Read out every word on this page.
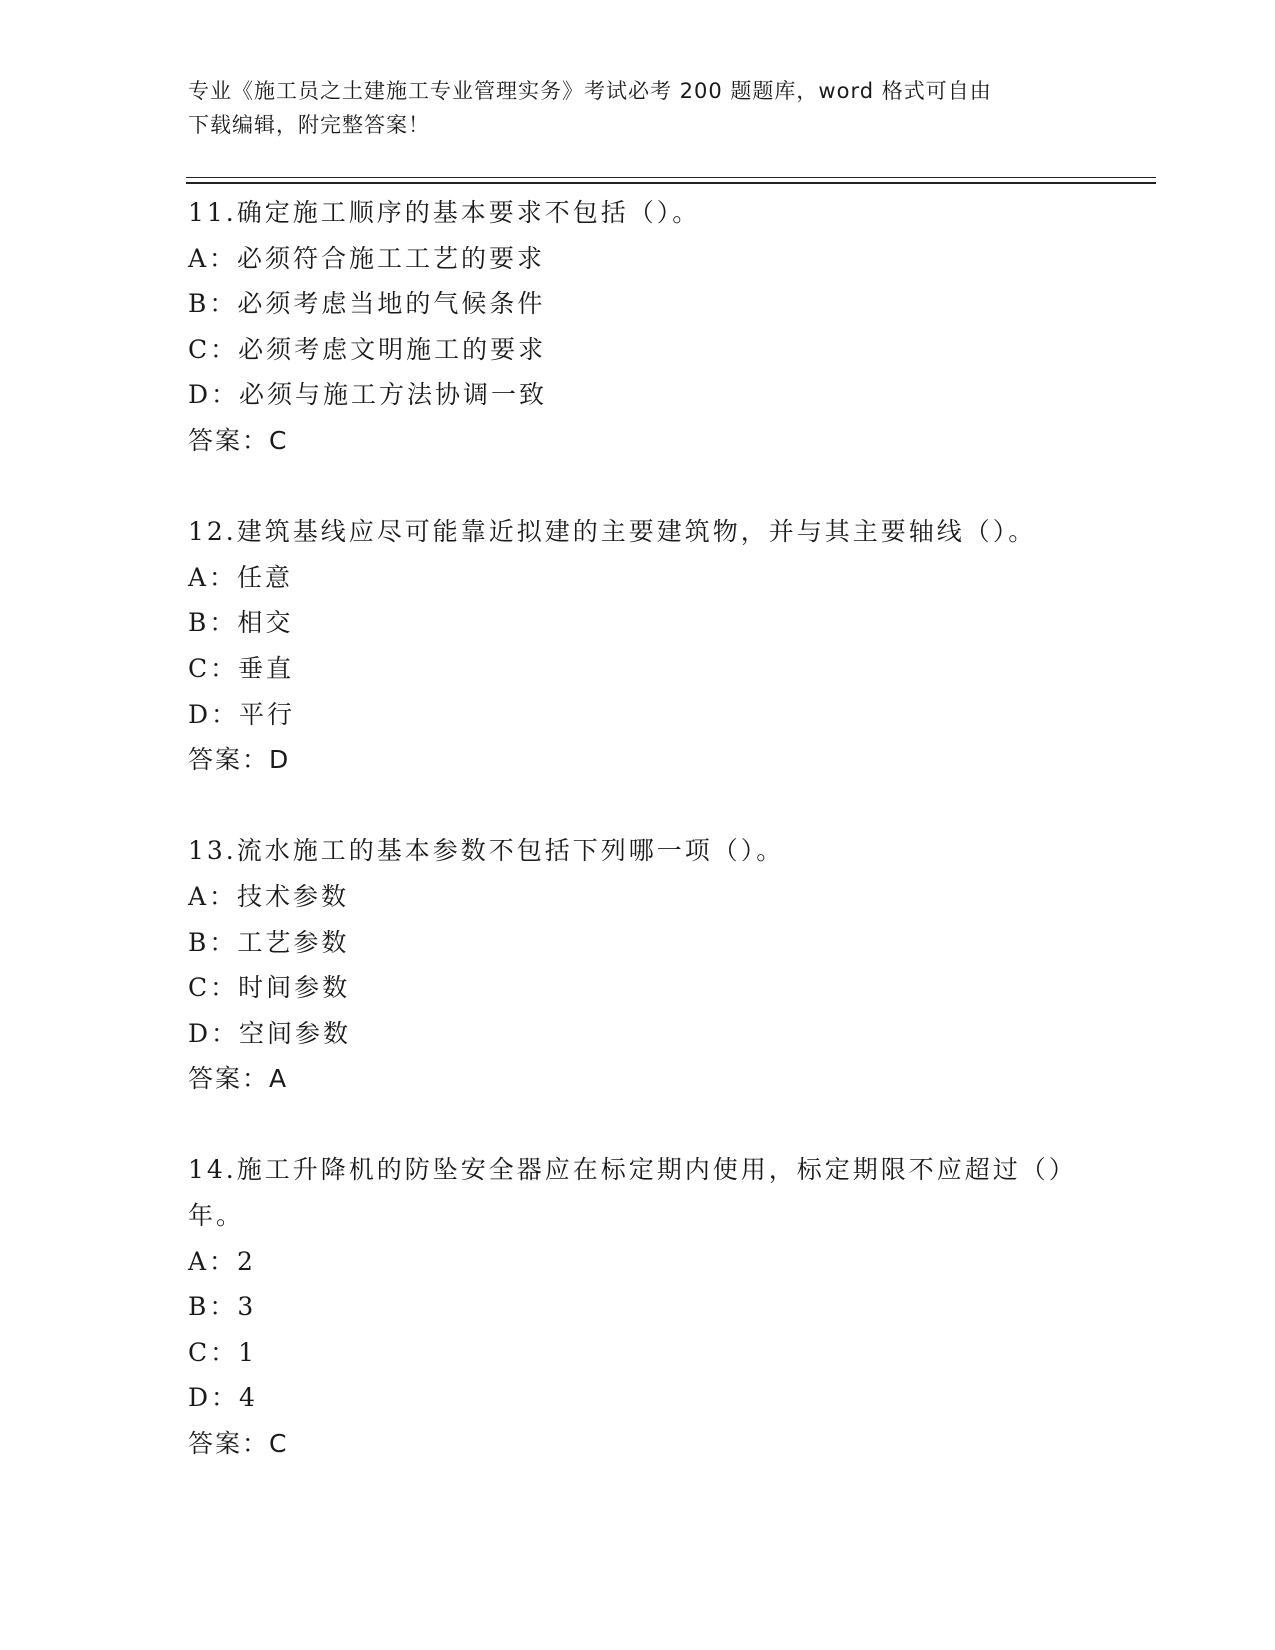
专业《施工员之土建施工专业管理实务》考试必考 200 题题库，word 格式可自由
下载编辑，附完整答案！
11.确定施工顺序的基本要求不包括（）。
A：必须符合施工工艺的要求
B：必须考虑当地的气候条件
C：必须考虑文明施工的要求
D：必须与施工方法协调一致
答案：C
12.建筑基线应尽可能靠近拟建的主要建筑物，并与其主要轴线（）。
A：任意
B：相交
C：垂直
D：平行
答案：D
13.流水施工的基本参数不包括下列哪一项（）。
A：技术参数
B：工艺参数
C：时间参数
D：空间参数
答案：A
14.施工升降机的防坠安全器应在标定期内使用，标定期限不应超过（）年。
A：2
B：3
C：1
D：4
答案：C
